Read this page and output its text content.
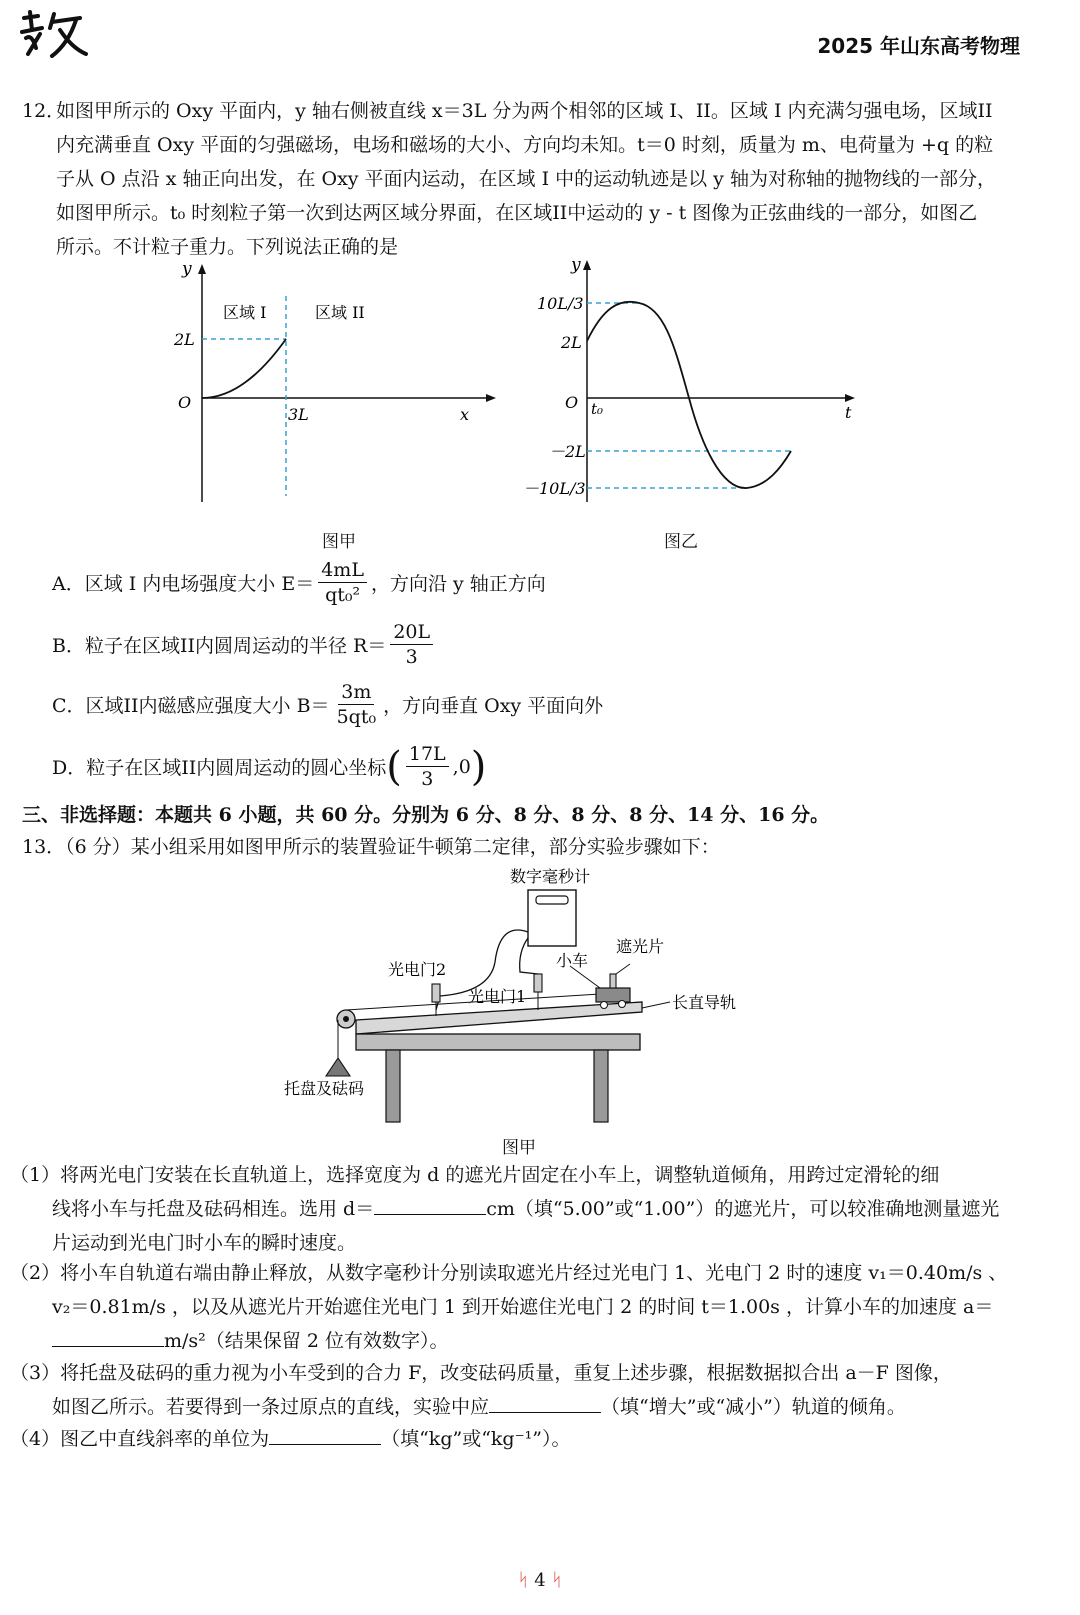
2025 年山东高考物理
12．
如图甲所示的 Oxy 平面内，y 轴右侧被直线 x＝3L 分为两个相邻的区域 I、II。区域 I 内充满匀强电场，区域II
内充满垂直 Oxy 平面的匀强磁场，电场和磁场的大小、方向均未知。t＝0 时刻，质量为 m、电荷量为 +q 的粒
子从 O 点沿 x 轴正向出发，在 Oxy 平面内运动，在区域 I 中的运动轨迹是以 y 轴为对称轴的抛物线的一部分，
如图甲所示。t₀ 时刻粒子第一次到达两区域分界面，在区域II中运动的 y - t 图像为正弦曲线的一部分，如图乙
所示。不计粒子重力。下列说法正确的是
y
区域 I	区域 II
2L
O
3L	x
图甲
y
10L/3
2L
O t₀	t
－2L
－10L/3
图乙
A．区域 I 内电场强度大小 $E= \frac{4mL}{\text{qt₀²}}$ ，方向沿 y 轴正方向
B．粒子在区域II内圆周运动的半径 $R= \frac{20L}{3}$
C．区域II内磁感应强度大小 $B= \frac{3m}{\text{5qt₀}}$ ，方向垂直 Oxy 平面向外
D．粒子在区域II内圆周运动的圆心坐标 ( $\frac{17L}{3} ,0$ )
三、非选择题：本题共 6 小题，共 60 分。分别为 6 分、8 分、8 分、8 分、14 分、16 分。
13．（6 分）某小组采用如图甲所示的装置验证牛顿第二定律，部分实验步骤如下：
数字毫秒计
光电门2
光电门1
小车
遮光片
长直导轨
托盘及砝码
图甲
（1）将两光电门安装在长直轨道上，选择宽度为 d 的遮光片固定在小车上，调整轨道倾角，用跨过定滑轮的细
线将小车与托盘及砝码相连。选用 d＝	cm（填“5.00”或“1.00”）的遮光片，可以较准确地测量遮光
片运动到光电门时小车的瞬时速度。
（2）将小车自轨道右端由静止释放，从数字毫秒计分别读取遮光片经过光电门 1、光电门 2 时的速度 v₁＝0.40m/s 、
v₂＝0.81m/s ，以及从遮光片开始遮住光电门 1 到开始遮住光电门 2 的时间 t＝1.00s ，计算小车的加速度 a＝
m/s²（结果保留 2 位有效数字）。
（3）将托盘及砝码的重力视为小车受到的合力 F，改变砝码质量，重复上述步骤，根据数据拟合出 a－F 图像，
如图乙所示。若要得到一条过原点的直线，实验中应	（填“增大”或“减小”）轨道的倾角。
（4）图乙中直线斜率的单位为	（填“kg”或“kg⁻¹”）。
ᛋ 4 ᛋ
